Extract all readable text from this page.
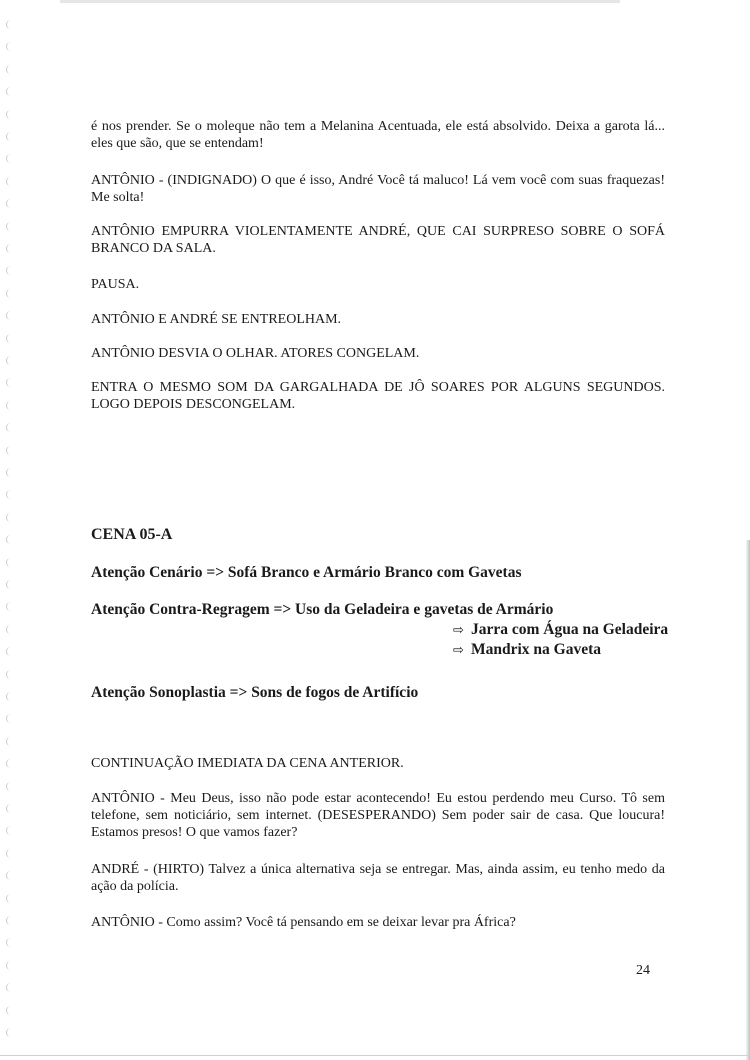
é nos prender. Se o moleque não tem a Melanina Acentuada, ele está absolvido. Deixa a garota lá... eles que são, que se entendam!

ANTÔNIO - (INDIGNADO) O que é isso, André Você tá maluco! Lá vem você com suas fraquezas! Me solta!

ANTÔNIO EMPURRA VIOLENTAMENTE ANDRÉ, QUE CAI SURPRESO SOBRE O SOFÁ BRANCO DA SALA.

PAUSA.

ANTÔNIO E ANDRÉ SE ENTREOLHAM.

ANTÔNIO DESVIA O OLHAR. ATORES CONGELAM.

ENTRA O MESMO SOM DA GARGALHADA DE JÔ SOARES POR ALGUNS SEGUNDOS. LOGO DEPOIS DESCONGELAM.

CENA 05-A
Atenção Cenário => Sofá Branco e Armário Branco com Gavetas
Atenção Contra-Regragem => Uso da Geladeira e gavetas de Armário
⇨ Jarra com Água na Geladeira
⇨ Mandrix na Gaveta
Atenção Sonoplastia => Sons de fogos de Artifício

CONTINUAÇÃO IMEDIATA DA CENA ANTERIOR.

ANTÔNIO - Meu Deus, isso não pode estar acontecendo! Eu estou perdendo meu Curso. Tô sem telefone, sem noticiário, sem internet. (DESESPERANDO) Sem poder sair de casa. Que loucura! Estamos presos! O que vamos fazer?

ANDRÉ - (HIRTO) Talvez a única alternativa seja se entregar. Mas, ainda assim, eu tenho medo da ação da polícia.

ANTÔNIO - Como assim? Você tá pensando em se deixar levar pra África?

24
